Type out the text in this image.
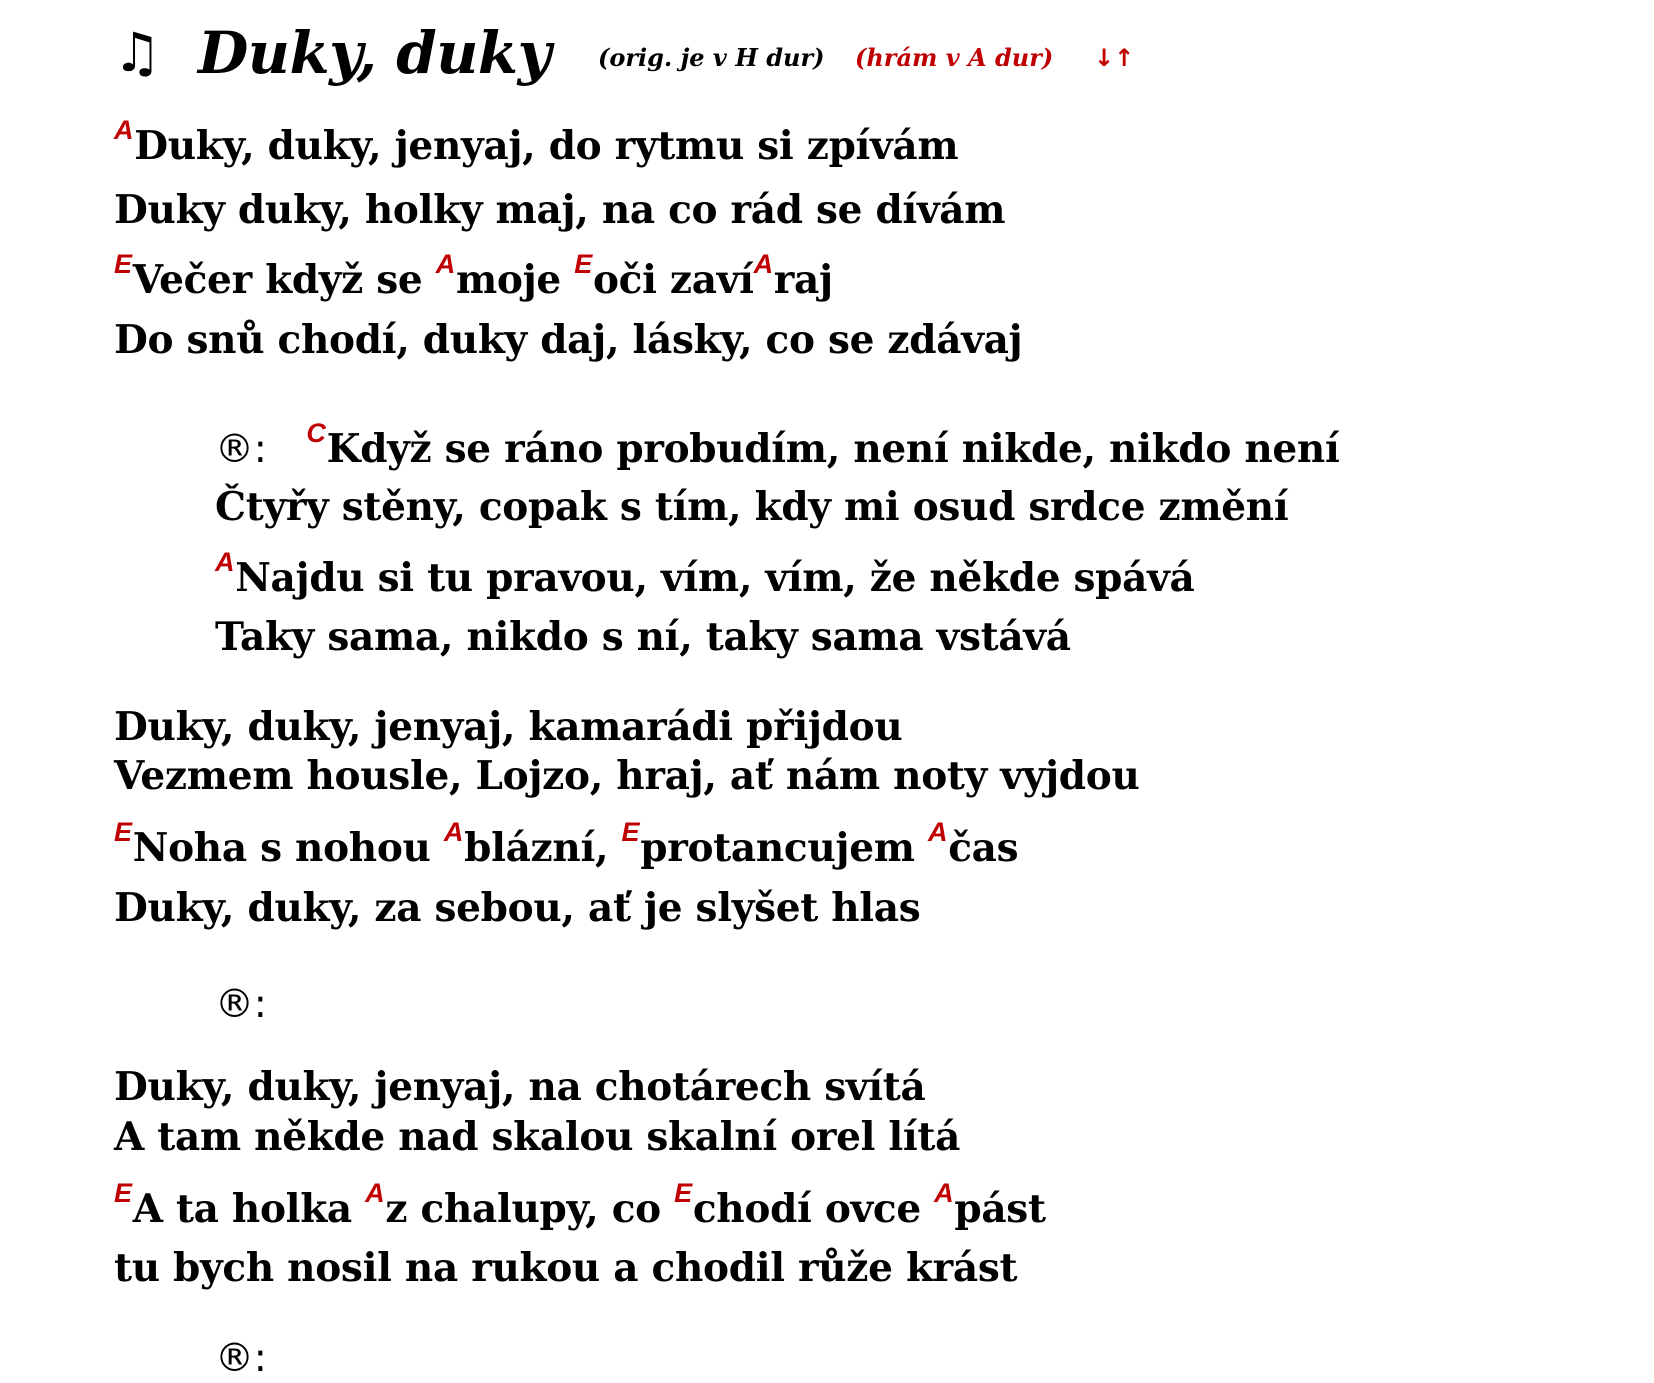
♫ Duky, duky (orig. je v H dur) (hrám v A dur) ↓↑
$^A$Duky, duky, jenyaj, do rytmu si zpívám
Duky duky, holky maj, na co rád se dívám
$^E$Večer když se $^A$moje $^E$oči zaví$^A$raj
Do snů chodí, duky daj, lásky, co se zdávaj
®: $^C$Když se ráno probudím, není nikde, nikdo není
Čtyřy stěny, copak s tím, kdy mi osud srdce změní
$^A$Najdu si tu pravou, vím, vím, že někde spává
Taky sama, nikdo s ní, taky sama vstává
Duky, duky, jenyaj, kamarádi přijdou
Vezmem housle, Lojzo, hraj, ať nám noty vyjdou
$^E$Noha s nohou $^A$blázní, $^E$protancujem $^A$čas
Duky, duky, za sebou, ať je slyšet hlas
®:
Duky, duky, jenyaj, na chotárech svítá
A tam někde nad skalou skalní orel lítá
$^E$A ta holka $^A$z chalupy, co $^E$chodí ovce $^A$pást
tu bych nosil na rukou a chodil růže krást
®:
